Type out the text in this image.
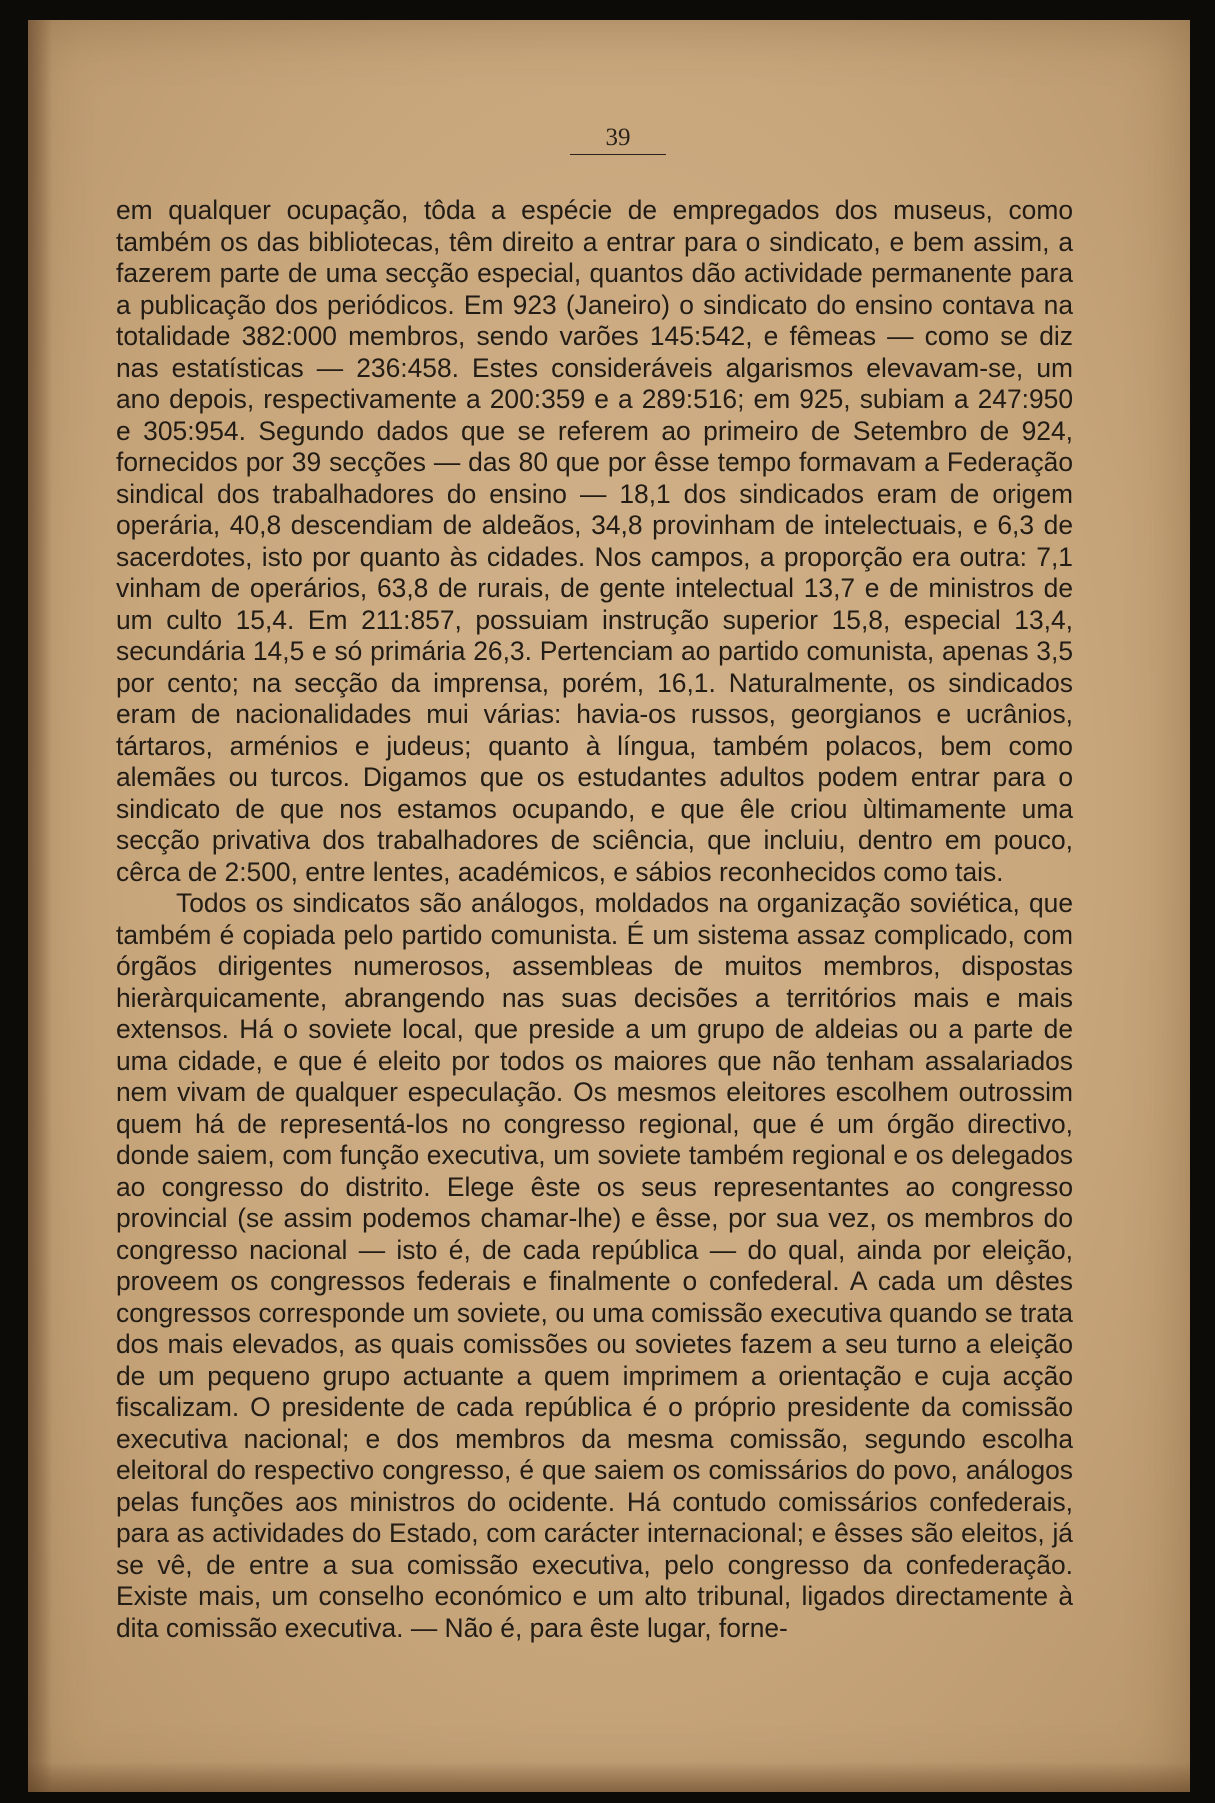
39

em qualquer ocupação, tôda a espécie de empregados dos museus, como também os das bibliotecas, têm direito a entrar para o sindicato, e bem assim, a fazerem parte de uma secção especial, quantos dão actividade permanente para a publicação dos periódicos. Em 923 (Janeiro) o sindicato do ensino contava na totalidade 382:000 membros, sendo varões 145:542, e fêmeas — como se diz nas estatísticas — 236:458. Estes consideráveis algarismos elevavam-se, um ano depois, respectivamente a 200:359 e a 289:516; em 925, subiam a 247:950 e 305:954. Segundo dados que se referem ao primeiro de Setembro de 924, fornecidos por 39 secções — das 80 que por êsse tempo formavam a Federação sindical dos trabalhadores do ensino — 18,1 dos sindicados eram de origem operária, 40,8 descendiam de aldeãos, 34,8 provinham de intelectuais, e 6,3 de sacerdotes, isto por quanto às cidades. Nos campos, a proporção era outra: 7,1 vinham de operários, 63,8 de rurais, de gente intelectual 13,7 e de ministros de um culto 15,4. Em 211:857, possuiam instrução superior 15,8, especial 13,4, secundária 14,5 e só primária 26,3. Pertenciam ao partido comunista, apenas 3,5 por cento; na secção da imprensa, porém, 16,1. Naturalmente, os sindicados eram de nacionalidades mui várias: havia-os russos, georgianos e ucrânios, tártaros, arménios e judeus; quanto à língua, também polacos, bem como alemães ou turcos. Digamos que os estudantes adultos podem entrar para o sindicato de que nos estamos ocupando, e que êle criou ùltimamente uma secção privativa dos trabalhadores de sciência, que incluiu, dentro em pouco, cêrca de 2:500, entre lentes, académicos, e sábios reconhecidos como tais.

Todos os sindicatos são análogos, moldados na organização soviética, que também é copiada pelo partido comunista. É um sistema assaz complicado, com órgãos dirigentes numerosos, assembleas de muitos membros, dispostas hieràrquicamente, abrangendo nas suas decisões a territórios mais e mais extensos. Há o soviete local, que preside a um grupo de aldeias ou a parte de uma cidade, e que é eleito por todos os maiores que não tenham assalariados nem vivam de qualquer especulação. Os mesmos eleitores escolhem outrossim quem há de representá-los no congresso regional, que é um órgão directivo, donde saiem, com função executiva, um soviete também regional e os delegados ao congresso do distrito. Elege êste os seus representantes ao congresso provincial (se assim podemos chamar-lhe) e êsse, por sua vez, os membros do congresso nacional — isto é, de cada república — do qual, ainda por eleição, proveem os congressos federais e finalmente o confederal. A cada um dêstes congressos corresponde um soviete, ou uma comissão executiva quando se trata dos mais elevados, as quais comissões ou sovietes fazem a seu turno a eleição de um pequeno grupo actuante a quem imprimem a orientação e cuja acção fiscalizam. O presidente de cada república é o próprio presidente da comissão executiva nacional; e dos membros da mesma comissão, segundo escolha eleitoral do respectivo congresso, é que saiem os comissários do povo, análogos pelas funções aos ministros do ocidente. Há contudo comissários confederais, para as actividades do Estado, com carácter internacional; e êsses são eleitos, já se vê, de entre a sua comissão executiva, pelo congresso da confederação. Existe mais, um conselho económico e um alto tribunal, ligados directamente à dita comissão executiva. — Não é, para êste lugar, forne-
